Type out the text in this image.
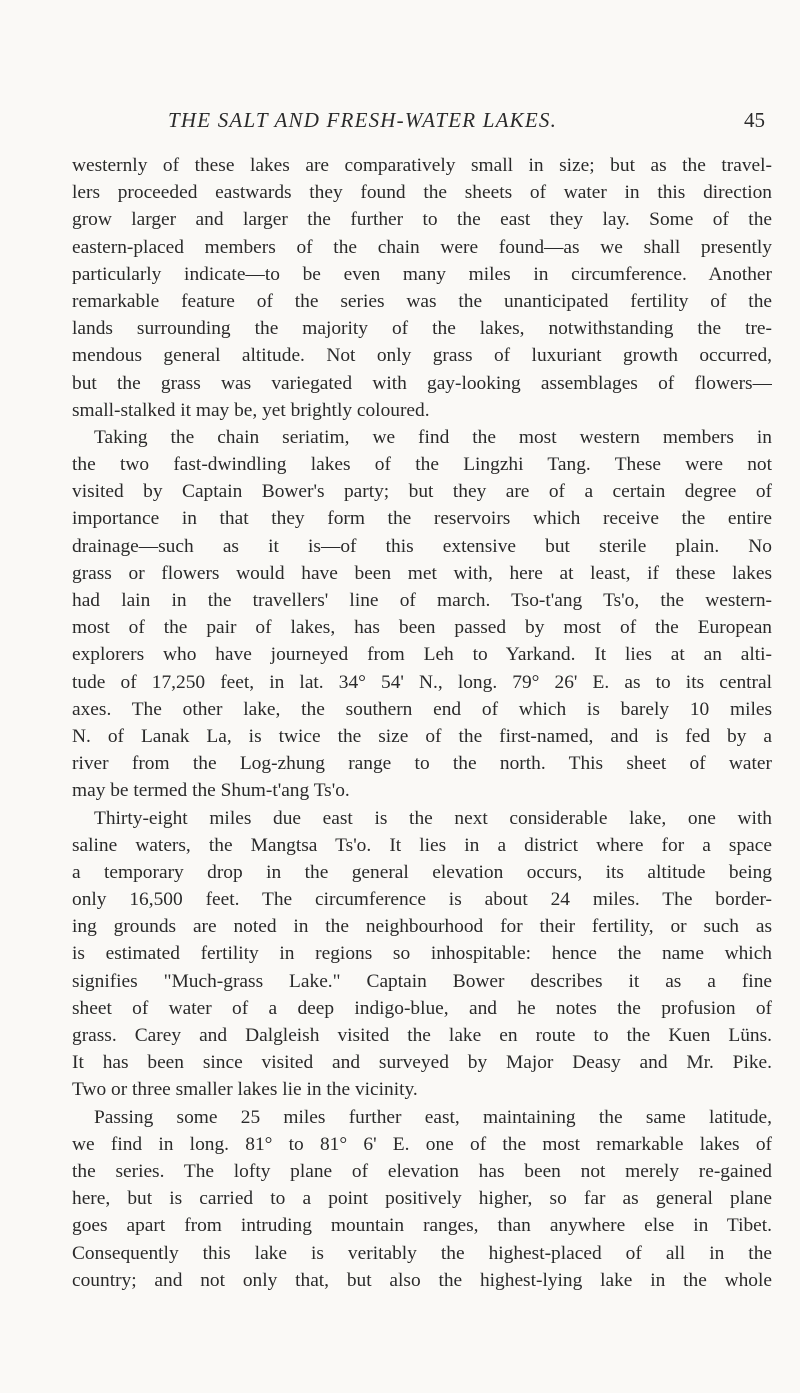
THE SALT AND FRESH-WATER LAKES.	45
westernly of these lakes are comparatively small in size; but as the travel-
lers proceeded eastwards they found the sheets of water in this direction
grow larger and larger the further to the east they lay. Some of the
eastern-placed members of the chain were found—as we shall presently
particularly indicate—to be even many miles in circumference. Another
remarkable feature of the series was the unanticipated fertility of the
lands surrounding the majority of the lakes, notwithstanding the tre-
mendous general altitude. Not only grass of luxuriant growth occurred,
but the grass was variegated with gay-looking assemblages of flowers—
small-stalked it may be, yet brightly coloured.
Taking the chain seriatim, we find the most western members in
the two fast-dwindling lakes of the Lingzhi Tang. These were not
visited by Captain Bower's party; but they are of a certain degree of
importance in that they form the reservoirs which receive the entire
drainage—such as it is—of this extensive but sterile plain. No
grass or flowers would have been met with, here at least, if these lakes
had lain in the travellers' line of march. Tso-t'ang Ts'o, the western-
most of the pair of lakes, has been passed by most of the European
explorers who have journeyed from Leh to Yarkand. It lies at an alti-
tude of 17,250 feet, in lat. 34° 54' N., long. 79° 26' E. as to its central
axes. The other lake, the southern end of which is barely 10 miles
N. of Lanak La, is twice the size of the first-named, and is fed by a
river from the Log-zhung range to the north. This sheet of water
may be termed the Shum-t'ang Ts'o.
Thirty-eight miles due east is the next considerable lake, one with
saline waters, the Mangtsa Ts'o. It lies in a district where for a space
a temporary drop in the general elevation occurs, its altitude being
only 16,500 feet. The circumference is about 24 miles. The border-
ing grounds are noted in the neighbourhood for their fertility, or such as
is estimated fertility in regions so inhospitable: hence the name which
signifies "Much-grass Lake." Captain Bower describes it as a fine
sheet of water of a deep indigo-blue, and he notes the profusion of
grass. Carey and Dalgleish visited the lake en route to the Kuen Lüns.
It has been since visited and surveyed by Major Deasy and Mr. Pike.
Two or three smaller lakes lie in the vicinity.
Passing some 25 miles further east, maintaining the same latitude,
we find in long. 81° to 81° 6' E. one of the most remarkable lakes of
the series. The lofty plane of elevation has been not merely re-gained
here, but is carried to a point positively higher, so far as general plane
goes apart from intruding mountain ranges, than anywhere else in Tibet.
Consequently this lake is veritably the highest-placed of all in the
country; and not only that, but also the highest-lying lake in the whole
